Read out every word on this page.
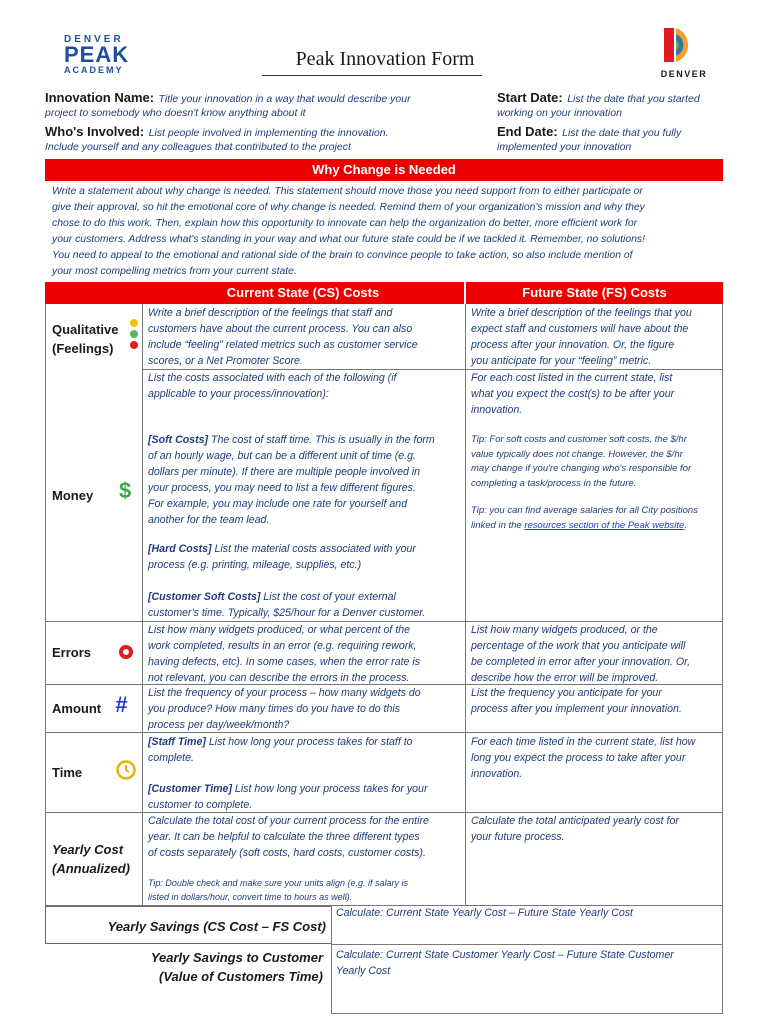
DENVER
PEAK
ACADEMY	Peak Innovation Form
DENVER
Innovation Name: Title your innovation in a way that would describe your
project to somebody who doesn't know anything about it
Who's Involved: List people involved in implementing the innovation.
Include yourself and any colleagues that contributed to the project
Start Date: List the date that you started
working on your innovation
End Date: List the date that you fully
implemented your innovation
Why Change is Needed
Write a statement about why change is needed. This statement should move those you need support from to either participate or
give their approval, so hit the emotional core of why change is needed. Remind them of your organization's mission and why they
chose to do this work. Then, explain how this opportunity to innovate can help the organization do better, more efficient work for
your customers. Address what's standing in your way and what our future state could be if we tackled it. Remember, no solutions!
You need to appeal to the emotional and rational side of the brain to convince people to take action, so also include mention of
your most compelling metrics from your current state.
Current State (CS) Costs	Future State (FS) Costs
Qualitative
(Feelings)
Write a brief description of the feelings that staff and
customers have about the current process. You can also
include “feeling” related metrics such as customer service
scores, or a Net Promoter Score.
Write a brief description of the feelings that you
expect staff and customers will have about the
process after your innovation. Or, the figure
you anticipate for your “feeling” metric.
Money $
List the costs associated with each of the following (if
applicable to your process/innovation):
[Soft Costs] The cost of staff time. This is usually in the form
of an hourly wage, but can be a different unit of time (e.g.
dollars per minute). If there are multiple people involved in
your process, you may need to list a few different figures.
For example, you may include one rate for yourself and
another for the team lead.
[Hard Costs] List the material costs associated with your
process (e.g. printing, mileage, supplies, etc.)
[Customer Soft Costs] List the cost of your external
customer's time. Typically, $25/hour for a Denver customer.
For each cost listed in the current state, list
what you expect the cost(s) to be after your
innovation.
Tip: For soft costs and customer soft costs, the $/hr
value typically does not change. However, the $/hr
may change if you're changing who's responsible for
completing a task/process in the future.
Tip: you can find average salaries for all City positions
linked in the resources section of the Peak website.
Errors
List how many widgets produced, or what percent of the
work completed, results in an error (e.g. requiring rework,
having defects, etc). In some cases, when the error rate is
not relevant, you can describe the errors in the process.
List how many widgets produced, or the
percentage of the work that you anticipate will
be completed in error after your innovation. Or,
describe how the error will be improved.
Amount # List the frequency of your process – how many widgets do
you produce? How many times do you have to do this
process per day/week/month?
List the frequency you anticipate for your
process after you implement your innovation.
Time
[Staff Time] List how long your process takes for staff to
complete.
[Customer Time] List how long your process takes for your
customer to complete.
For each time listed in the current state, list how
long you expect the process to take after your
innovation.
Yearly Cost
(Annualized)
Calculate the total cost of your current process for the entire
year. It can be helpful to calculate the three different types
of costs separately (soft costs, hard costs, customer costs).
Tip: Double check and make sure your units align (e.g. if salary is
listed in dollars/hour, convert time to hours as well).
Calculate the total anticipated yearly cost for
your future process.
Yearly Savings (CS Cost – FS Cost)
Calculate: Current State Yearly Cost – Future State Yearly Cost
Yearly Savings to Customer
(Value of Customers Time)
Calculate: Current State Customer Yearly Cost – Future State Customer
Yearly Cost
